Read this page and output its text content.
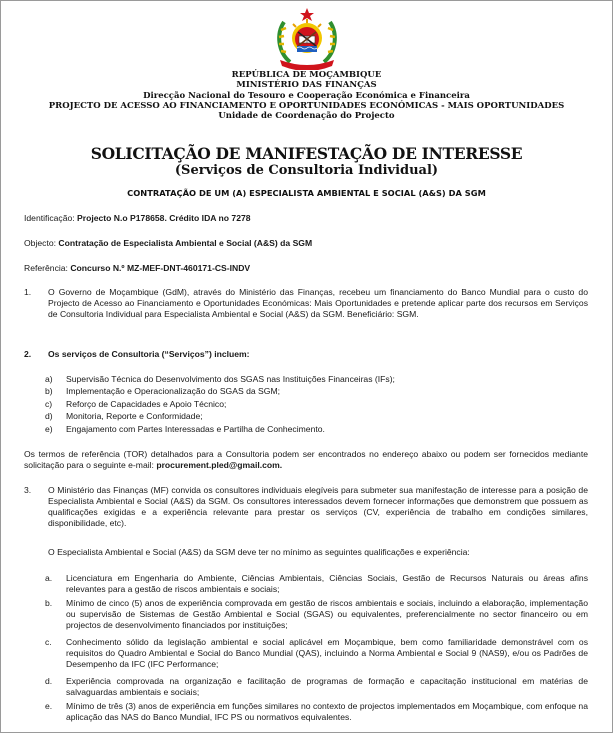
REPÚBLICA DE MOÇAMBIQUE
MINISTÉRIO DAS FINANÇAS
Direcção Nacional do Tesouro e Cooperação Económica e Financeira
PROJECTO DE ACESSO AO FINANCIAMENTO E OPORTUNIDADES ECONÓMICAS - MAIS OPORTUNIDADES
Unidade de Coordenação do Projecto
SOLICITAÇÃO DE MANIFESTAÇÃO DE INTERESSE
(Serviços de Consultoria Individual)
CONTRATAÇÃO DE UM (A) ESPECIALISTA AMBIENTAL E SOCIAL (A&S) DA SGM
Identificação: Projecto N.o P178658. Crédito IDA no 7278
Objecto: Contratação de Especialista Ambiental e Social (A&S) da SGM
Referência: Concurso N.º MZ-MEF-DNT-460171-CS-INDV
1. O Governo de Moçambique (GdM), através do Ministério das Finanças, recebeu um financiamento do Banco Mundial para o custo do Projecto de Acesso ao Financiamento e Oportunidades Económicas: Mais Oportunidades e pretende aplicar parte dos recursos em Serviços de Consultoria Individual para Especialista Ambiental e Social (A&S) da SGM. Beneficiário: SGM.
2. Os serviços de Consultoria (“Serviços”) incluem:
a) Supervisão Técnica do Desenvolvimento dos SGAS nas Instituições Financeiras (IFs);
b) Implementação e Operacionalização do SGAS da SGM;
c) Reforço de Capacidades e Apoio Técnico;
d) Monitoria, Reporte e Conformidade;
e) Engajamento com Partes Interessadas e Partilha de Conhecimento.
Os termos de referência (TOR) detalhados para a Consultoria podem ser encontrados no endereço abaixo ou podem ser fornecidos mediante solicitação para o seguinte e-mail: procurement.pled@gmail.com.
3. O Ministério das Finanças (MF) convida os consultores individuais elegíveis para submeter sua manifestação de interesse para a posição de Especialista Ambiental e Social (A&S) da SGM. Os consultores interessados devem fornecer informações que demonstrem que possuem as qualificações exigidas e a experiência relevante para prestar os serviços (CV, experiência de trabalho em condições similares, disponibilidade, etc).
O Especialista Ambiental e Social (A&S) da SGM deve ter no mínimo as seguintes qualificações e experiência:
a. Licenciatura em Engenharia do Ambiente, Ciências Ambientais, Ciências Sociais, Gestão de Recursos Naturais ou áreas afins relevantes para a gestão de riscos ambientais e sociais;
b. Mínimo de cinco (5) anos de experiência comprovada em gestão de riscos ambientais e sociais, incluindo a elaboração, implementação ou supervisão de Sistemas de Gestão Ambiental e Social (SGAS) ou equivalentes, preferencialmente no sector financeiro ou em projectos de desenvolvimento financiados por instituições;
c. Conhecimento sólido da legislação ambiental e social aplicável em Moçambique, bem como familiaridade demonstrável com os requisitos do Quadro Ambiental e Social do Banco Mundial (QAS), incluindo a Norma Ambiental e Social 9 (NAS9), e/ou os Padrões de Desempenho da IFC (IFC Performance;
d. Experiência comprovada na organização e facilitação de programas de formação e capacitação institucional em matérias de salvaguardas ambientais e sociais;
e. Mínimo de três (3) anos de experiência em funções similares no contexto de projectos implementados em Moçambique, com enfoque na aplicação das NAS do Banco Mundial, IFC PS ou normativos equivalentes.
